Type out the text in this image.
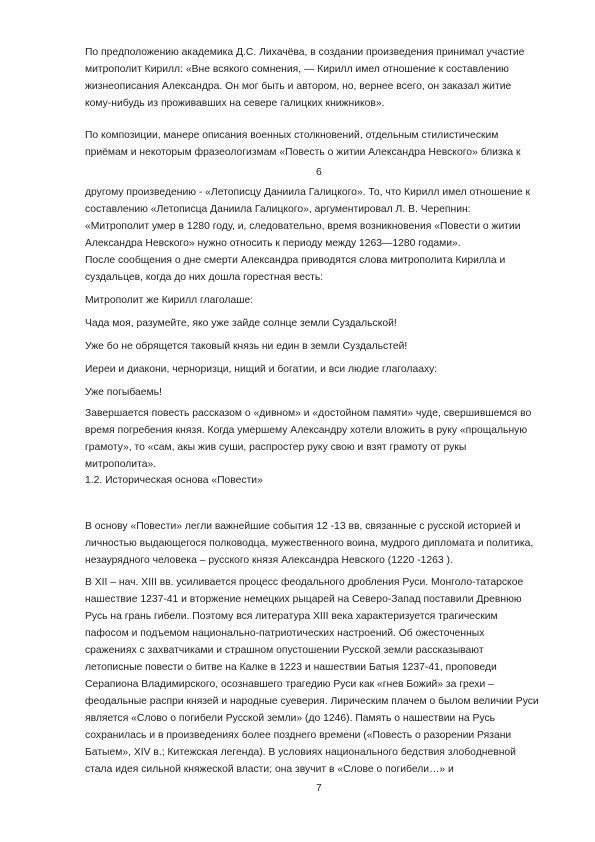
По предположению академика Д.С. Лихачёва, в создании произведения принимал участие
митрополит Кирилл: «Вне всякого сомнения, — Кирилл имел отношение к составлению
жизнеописания Александра. Он мог быть и автором, но, вернее всего, он заказал житие
кому-нибудь из проживавших на севере галицких книжников».
По композиции, манере описания военных столкновений, отдельным стилистическим
приёмам и некоторым фразеологизмам «Повесть о житии Александра Невского» близка к
6
другому произведению - «Летописцу Даниила Галицкого». То, что Кирилл имел отношение к
составлению «Летописца Даниила Галицкого», аргументировал Л. В. Черепнин:
«Митрополит умер в 1280 году, и, следовательно, время возникновения «Повести о житии
Александра Невского» нужно относить к периоду между 1263—1280 годами».
После сообщения о дне смерти Александра приводятся слова митрополита Кирилла и
суздальцев, когда до них дошла горестная весть:
Митрополит же Кирилл глаголаше:
Чада моя, разумейте, яко уже зайде солнце земли Суздальской!
Уже бо не обрящется таковый князь ни един в земли Суздальстей!
Иереи и диакони, черноризци, нищий и богатии, и вси людие глаголааху:
Уже погыбаемь!
Завершается повесть рассказом о «дивном» и «достойном памяти» чуде, свершившемся во
время погребения князя. Когда умершему Александру хотели вложить в руку «прощальную
грамоту», то «сам, акы жив суши, распростер руку свою и взят грамоту от рукы
митрополита».
1.2. Историческая основа «Повести»
В основу «Повести» легли важнейшие события 12 -13 вв, связанные с русской историей и
личностью выдающегося полководца, мужественного воина, мудрого дипломата и политика,
незаурядного человека – русского князя Александра Невского (1220 -1263 ).
В XII – нач. XIII вв. усиливается процесс феодального дробления Руси. Монголо-татарское
нашествие 1237-41 и вторжение немецких рыцарей на Северо-Запад поставили Древнюю
Русь на грань гибели. Поэтому вся литература XIII века характеризуется трагическим
пафосом и подъемом национально-патриотических настроений. Об ожесточенных
сражениях с захватчиками и страшном опустошении Русской земли рассказывают
летописные повести о битве на Калке в 1223 и нашествии Батыя 1237-41, проповеди
Серапиона Владимирского, осознавшего трагедию Руси как «гнев Божий» за грехи –
феодальные распри князей и народные суеверия. Лирическим плачем о былом величии Руси
является «Слово о погибели Русской земли» (до 1246). Память о нашествии на Русь
сохранилась и в произведениях более позднего времени («Повесть о разорении Рязани
Батыем», XIV в.; Китежская легенда). В условиях национального бедствия злободневной
стала идея сильной княжеской власти; она звучит в «Слове о погибели…» и
7
